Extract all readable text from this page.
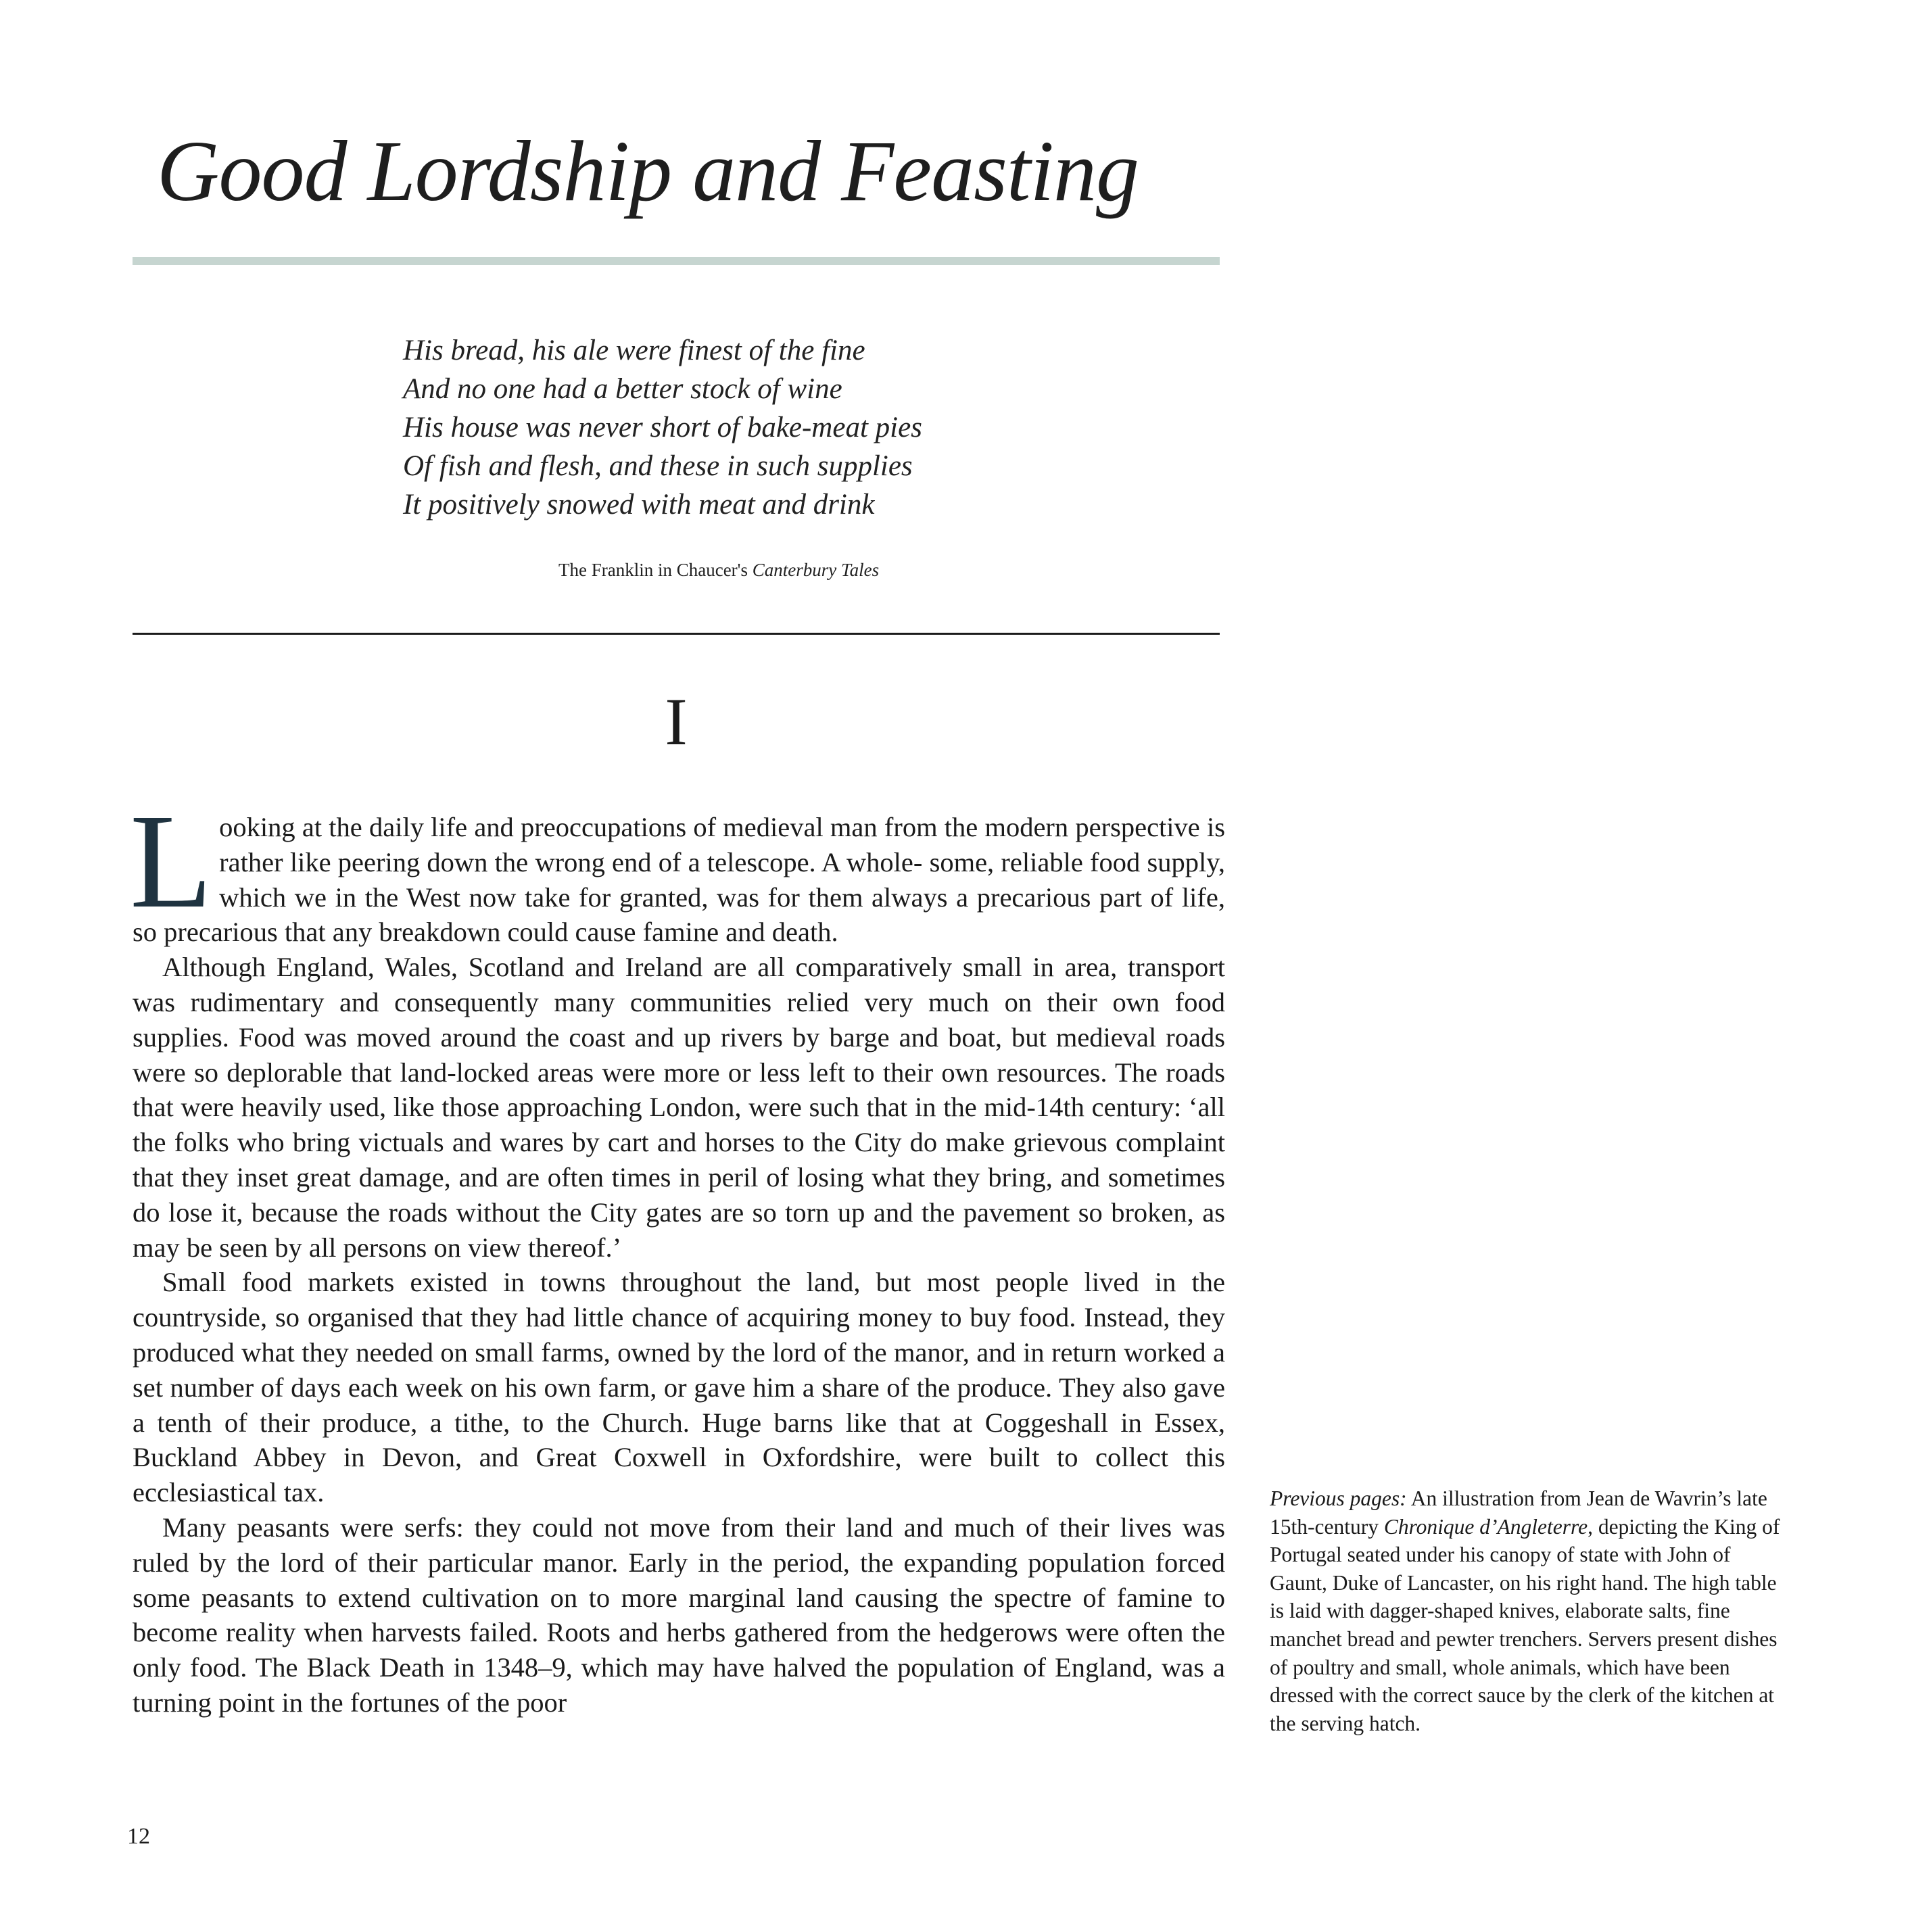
Good Lordship and Feasting
His bread, his ale were finest of the fine
And no one had a better stock of wine
His house was never short of bake-meat pies
Of fish and flesh, and these in such supplies
It positively snowed with meat and drink
The Franklin in Chaucer's Canterbury Tales
I

Looking at the daily life and preoccupations of medieval man from the modern perspective is rather like peering down the wrong end of a telescope. A whole- some, reliable food supply, which we in the West now take for granted, was for them always a precarious part of life, so precarious that any breakdown could cause famine and death.

Although England, Wales, Scotland and Ireland are all comparatively small in area, transport was rudimentary and consequently many communities relied very much on their own food supplies. Food was moved around the coast and up rivers by barge and boat, but medieval roads were so deplorable that land-locked areas were more or less left to their own resources. The roads that were heavily used, like those approaching London, were such that in the mid-14th century: ‘all the folks who bring victuals and wares by cart and horses to the City do make grievous complaint that they inset great damage, and are often times in peril of losing what they bring, and sometimes do lose it, because the roads without the City gates are so torn up and the pavement so broken, as may be seen by all persons on view thereof.’

Small food markets existed in towns throughout the land, but most people lived in the countryside, so organised that they had little chance of acquiring money to buy food. Instead, they produced what they needed on small farms, owned by the lord of the manor, and in return worked a set number of days each week on his own farm, or gave him a share of the produce. They also gave a tenth of their produce, a tithe, to the Church. Huge barns like that at Coggeshall in Essex, Buckland Abbey in Devon, and Great Coxwell in Oxfordshire, were built to collect this ecclesiastical tax.

Many peasants were serfs: they could not move from their land and much of their lives was ruled by the lord of their particular manor. Early in the period, the expanding population forced some peasants to extend cultivation on to more marginal land causing the spectre of famine to become reality when harvests failed. Roots and herbs gathered from the hedgerows were often the only food. The Black Death in 1348–9, which may have halved the population of England, was a turning point in the fortunes of the poor

Previous pages: An illustration from Jean de Wavrin’s late 15th-century Chronique d’Angleterre, depicting the King of Portugal seated under his canopy of state with John of Gaunt, Duke of Lancaster, on his right hand. The high table is laid with dagger-shaped knives, elaborate salts, fine manchet bread and pewter trenchers. Servers present dishes of poultry and small, whole animals, which have been dressed with the correct sauce by the clerk of the kitchen at the serving hatch.
12
